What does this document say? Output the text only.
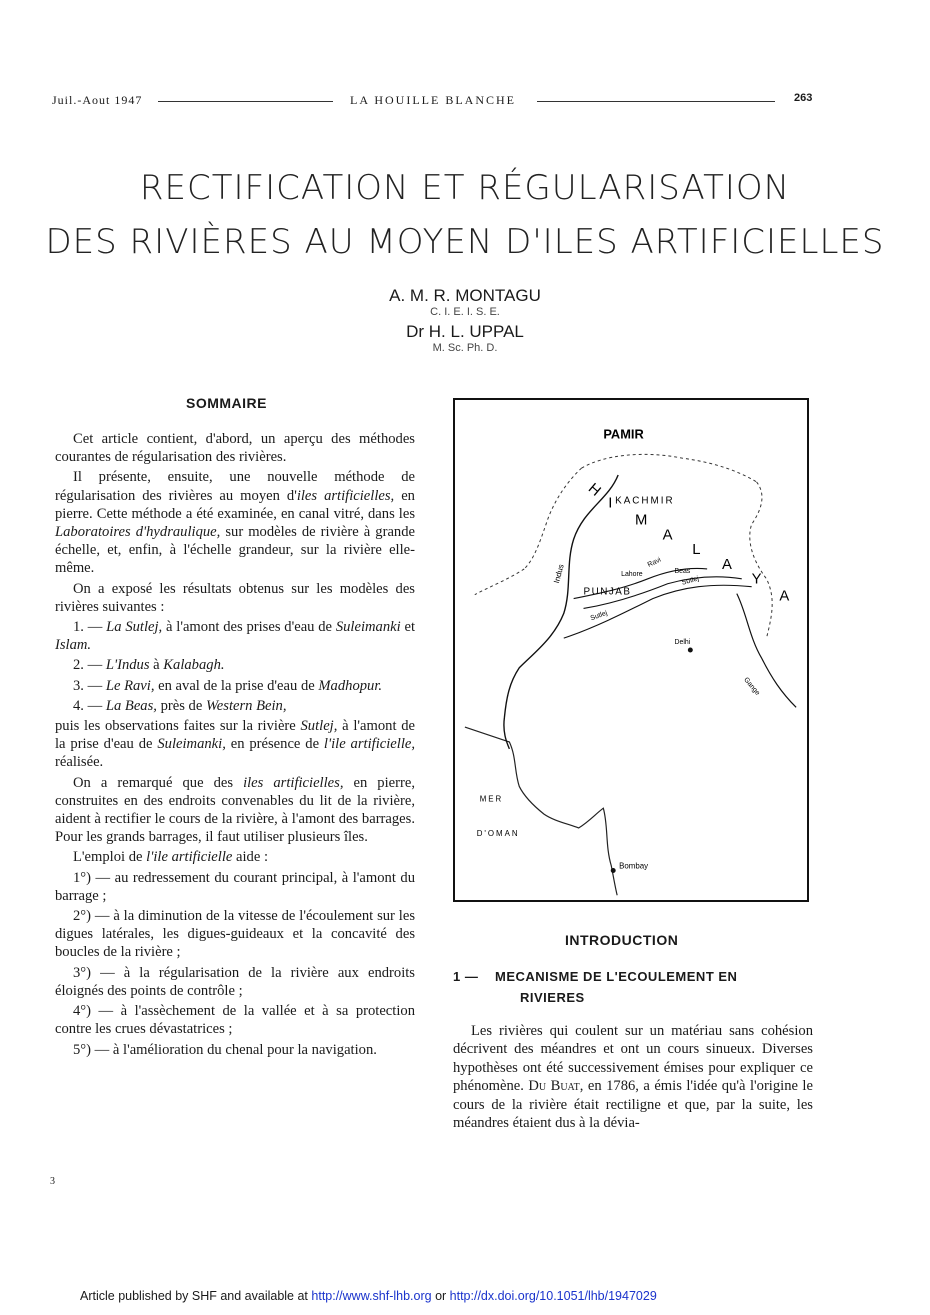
Juil.-Aout 1947	LA HOUILLE BLANCHE	263
RECTIFICATION ET RÉGULARISATION
DES RIVIÈRES AU MOYEN D'ILES ARTIFICIELLES
A. M. R. MONTAGU
C. I. E. I. S. E.
Dr H. L. UPPAL
M. Sc. Ph. D.
SOMMAIRE

Cet article contient, d'abord, un aperçu des méthodes courantes de régularisation des rivières.

Il présente, ensuite, une nouvelle méthode de régularisation des rivières au moyen d'iles artificielles, en pierre. Cette méthode a été examinée, en canal vitré, dans les Laboratoires d'hydraulique, sur modèles de rivière à grande échelle, et, enfin, à l'échelle grandeur, sur la rivière elle-même.

On a exposé les résultats obtenus sur les modèles des rivières suivantes :

1. — La Sutlej, à l'amont des prises d'eau de Suleimanki et Islam.

2. — L'Indus à Kalabagh.

3. — Le Ravi, en aval de la prise d'eau de Madhopur.

4. — La Beas, près de Western Bein,

puis les observations faites sur la rivière Sutlej, à l'amont de la prise d'eau de Suleimanki, en présence de l'ile artificielle, réalisée.

On a remarqué que des iles artificielles, en pierre, construites en des endroits convenables du lit de la rivière, aident à rectifier le cours de la rivière, à l'amont des barrages. Pour les grands barrages, il faut utiliser plusieurs îles.

L'emploi de l'ile artificielle aide :

1°) — au redressement du courant principal, à l'amont du barrage ;

2°) — à la diminution de la vitesse de l'écoulement sur les digues latérales, les digues-guideaux et la concavité des boucles de la rivière ;

3°) — à la régularisation de la rivière aux endroits éloignés des points de contrôle ;

4°) — à l'assèchement de la vallée et à sa protection contre les crues dévastatrices ;

5°) — à l'amélioration du chenal pour la navigation.

PAMIR
KACHMIR
H
I
M
A
L
A
Y
A
Indus
PUNJAB
Lahore
Ravi
Beas
Sutlej
Sutlej
Delhi
Gange
MER
D'OMAN
Bombay
INTRODUCTION
1 — MECANISME DE L'ECOULEMENT EN
RIVIERES
Les rivières qui coulent sur un matériau sans cohésion décrivent des méandres et ont un cours sinueux. Diverses hypothèses ont été successivement émises pour expliquer ce phénomène. Du Buat, en 1786, a émis l'idée qu'à l'origine le cours de la rivière était rectiligne et que, par la suite, les méandres étaient dus à la dévia-
3
Article published by SHF and available at http://www.shf-lhb.org or http://dx.doi.org/10.1051/lhb/1947029
